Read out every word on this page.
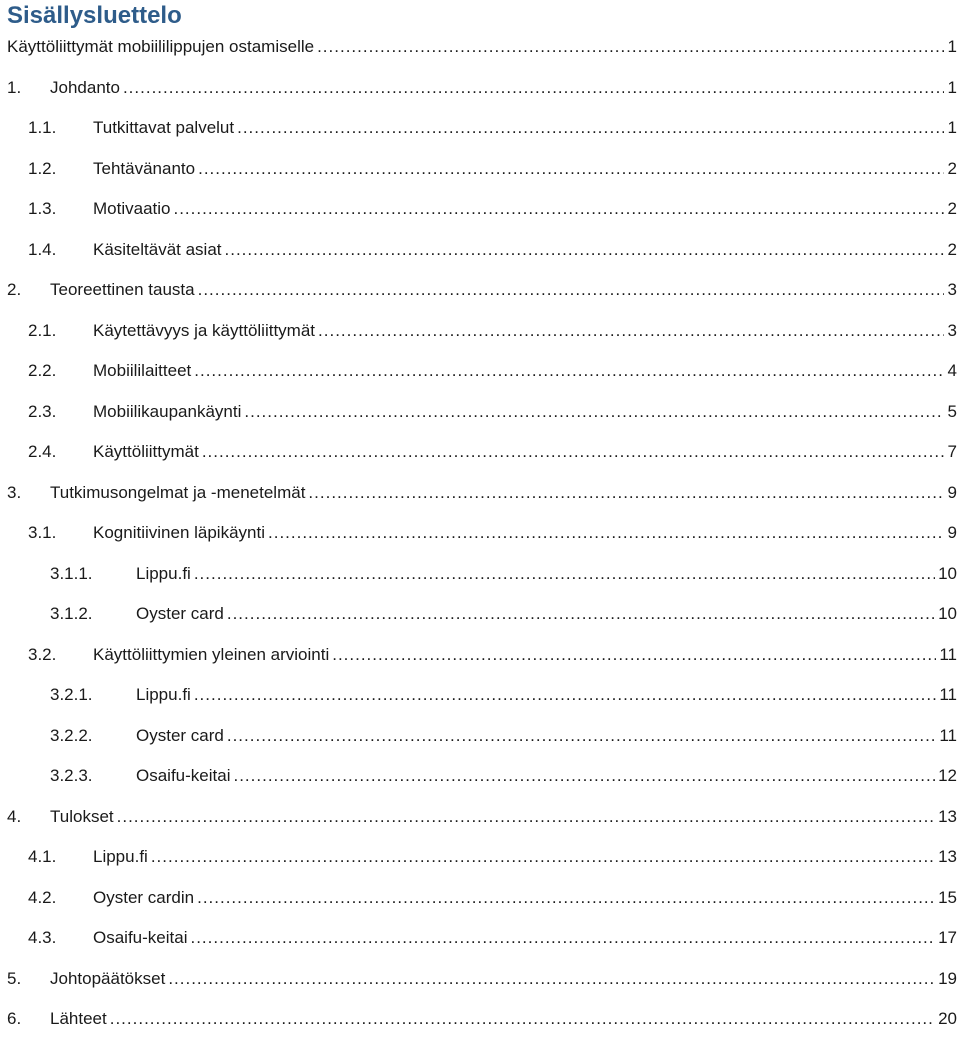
Sisällysluettelo
Käyttöliittymät mobiililippujen ostamiselle .....	1
1.	Johdanto .....	1
1.1.	Tutkittavat palvelut .....	1
1.2.	Tehtävänanto .....	2
1.3.	Motivaatio .....	2
1.4.	Käsiteltävät asiat .....	2
2.	Teoreettinen tausta .....	3
2.1.	Käytettävyys ja käyttöliittymät .....	3
2.2.	Mobiililaitteet .....	4
2.3.	Mobiilikaupankäynti .....	5
2.4.	Käyttöliittymät .....	7
3.	Tutkimusongelmat ja -menetelmät .....	9
3.1.	Kognitiivinen läpikäynti .....	9
3.1.1.	Lippu.fi .....	10
3.1.2.	Oyster card .....	10
3.2.	Käyttöliittymien yleinen arviointi .....	11
3.2.1.	Lippu.fi .....	11
3.2.2.	Oyster card .....	11
3.2.3.	Osaifu-keitai .....	12
4.	Tulokset .....	13
4.1.	Lippu.fi .....	13
4.2.	Oyster cardin .....	15
4.3.	Osaifu-keitai .....	17
5.	Johtopäätökset .....	19
6.	Lähteet .....	20
